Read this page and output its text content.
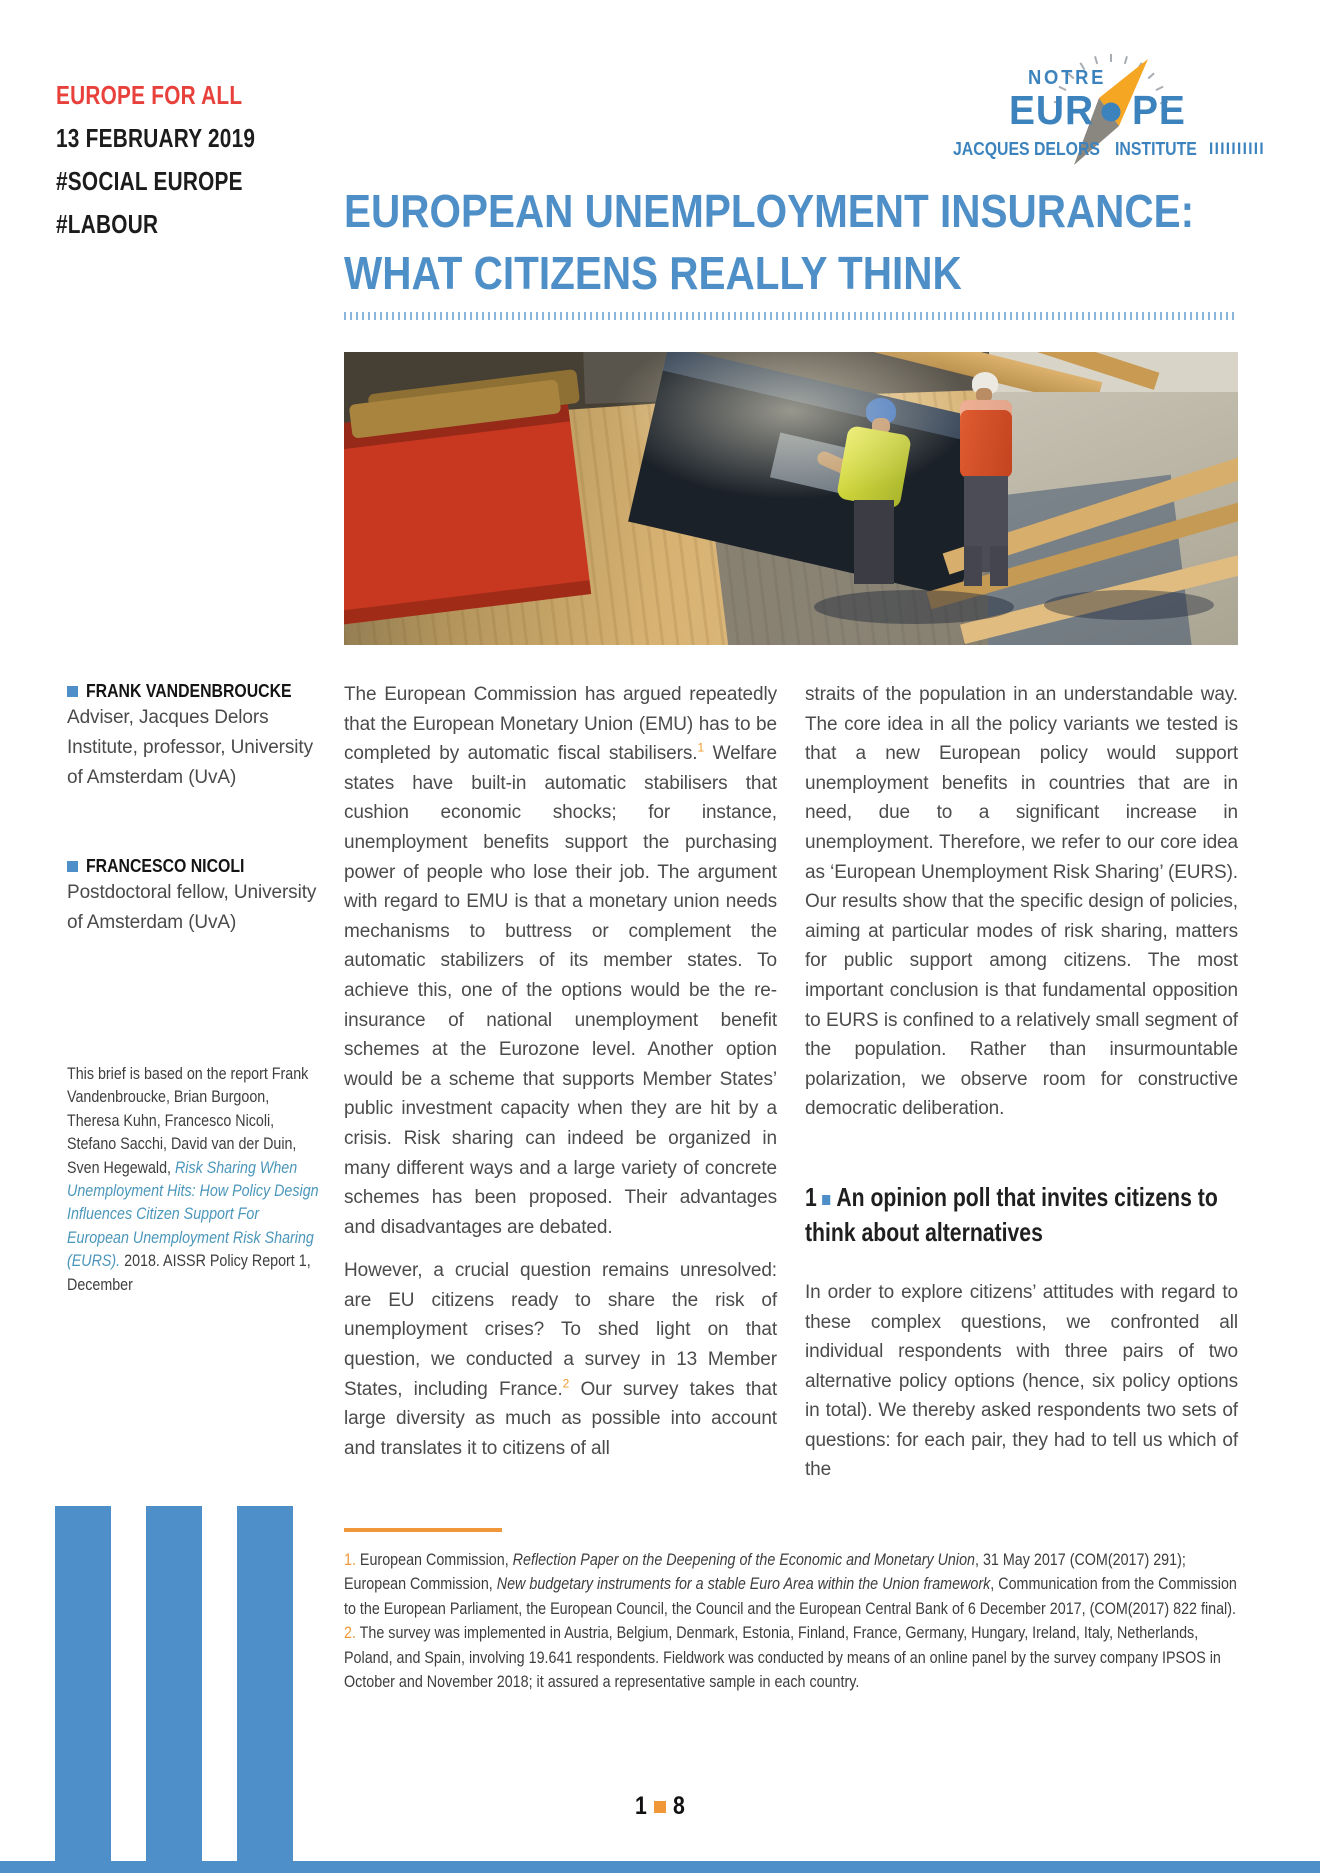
EUROPE FOR ALL
13 FEBRUARY 2019
#SOCIAL EUROPE
#LABOUR
NOTRE
EUR PE
JACQUES DELORS INSTITUTE IIIIIIIIII
EUROPEAN UNEMPLOYMENT INSURANCE:
WHAT CITIZENS REALLY THINK
FRANK VANDENBROUCKE
Adviser, Jacques Delors Institute, professor, University of Amsterdam (UvA)
FRANCESCO NICOLI
Postdoctoral fellow, University of Amsterdam (UvA)
This brief is based on the report Frank Vandenbroucke, Brian Burgoon, Theresa Kuhn, Francesco Nicoli, Stefano Sacchi, David van der Duin, Sven Hegewald, Risk Sharing When Unemployment Hits: How Policy Design Influences Citizen Support For European Unemployment Risk Sharing (EURS). 2018. AISSR Policy Report 1, December

The European Commission has argued repeatedly that the European Monetary Union (EMU) has to be completed by automatic fiscal stabilisers.$^1$ Welfare states have built-in automatic stabilisers that cushion economic shocks; for instance, unemployment benefits support the purchasing power of people who lose their job. The argument with regard to EMU is that a monetary union needs mechanisms to buttress or complement the automatic stabilizers of its member states. To achieve this, one of the options would be the re-insurance of national unemployment benefit schemes at the Eurozone level. Another option would be a scheme that supports Member States’ public investment capacity when they are hit by a crisis. Risk sharing can indeed be organized in many different ways and a large variety of concrete schemes has been proposed. Their advantages and disadvantages are debated.

However, a crucial question remains unresolved: are EU citizens ready to share the risk of unemployment crises? To shed light on that question, we conducted a survey in 13 Member States, including France.$^2$ Our survey takes that large diversity as much as possible into account and translates it to citizens of all

straits of the population in an understandable way. The core idea in all the policy variants we tested is that a new European policy would support unemployment benefits in countries that are in need, due to a significant increase in unemployment. Therefore, we refer to our core idea as ‘European Unemployment Risk Sharing’ (EURS). Our results show that the specific design of policies, aiming at particular modes of risk sharing, matters for public support among citizens. The most important conclusion is that fundamental opposition to EURS is confined to a relatively small segment of the population. Rather than insurmountable polarization, we observe room for constructive democratic deliberation.

1 An opinion poll that invites citizens to think about alternatives

In order to explore citizens’ attitudes with regard to these complex questions, we confronted all individual respondents with three pairs of two alternative policy options (hence, six policy options in total). We thereby asked respondents two sets of questions: for each pair, they had to tell us which of the

1. European Commission, Reflection Paper on the Deepening of the Economic and Monetary Union, 31 May 2017 (COM(2017) 291); European Commission, New budgetary instruments for a stable Euro Area within the Union framework, Communication from the Commission to the European Parliament, the European Council, the Council and the European Central Bank of 6 December 2017, (COM(2017) 822 final).

2. The survey was implemented in Austria, Belgium, Denmark, Estonia, Finland, France, Germany, Hungary, Ireland, Italy, Netherlands, Poland, and Spain, involving 19.641 respondents. Fieldwork was conducted by means of an online panel by the survey company IPSOS in October and November 2018; it assured a representative sample in each country.

1 8
